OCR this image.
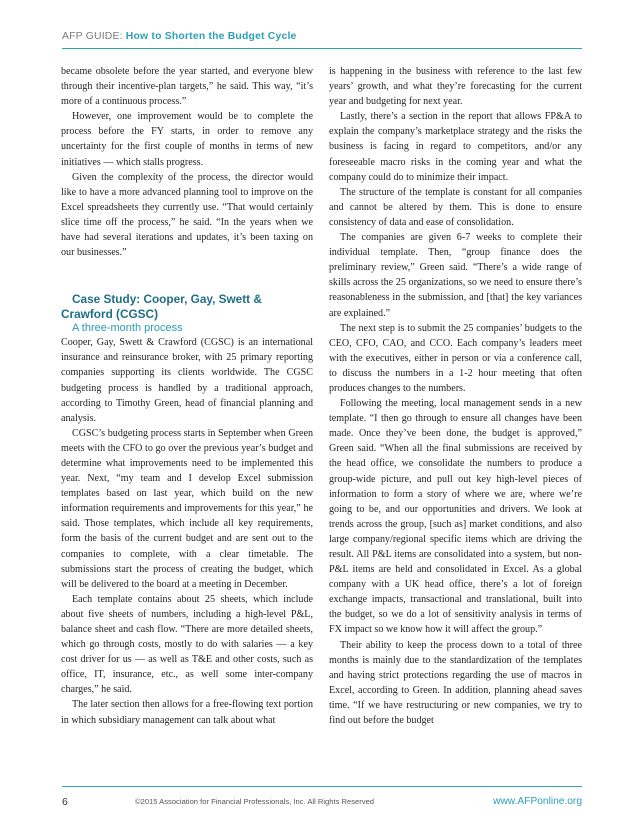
AFP GUIDE: How to Shorten the Budget Cycle

became obsolete before the year started, and everyone blew through their incentive-plan targets,” he said. This way, “it’s more of a continuous process.”

However, one improvement would be to complete the process before the FY starts, in order to remove any uncertainty for the first couple of months in terms of new initiatives — which stalls progress.

Given the complexity of the process, the director would like to have a more advanced planning tool to improve on the Excel spreadsheets they currently use. “That would certainly slice time off the process,” he said. “In the years when we have had several iterations and updates, it’s been taxing on our businesses.”

Case Study: Cooper, Gay, Swett & Crawford (CGSC)

A three-month process

Cooper, Gay, Swett & Crawford (CGSC) is an international insurance and reinsurance broker, with 25 primary reporting companies supporting its clients worldwide. The CGSC budgeting process is handled by a traditional approach, according to Timothy Green, head of financial planning and analysis.

CGSC’s budgeting process starts in September when Green meets with the CFO to go over the previous year’s budget and determine what improvements need to be implemented this year. Next, “my team and I develop Excel submission templates based on last year, which build on the new information requirements and improvements for this year,” he said. Those templates, which include all key requirements, form the basis of the current budget and are sent out to the companies to complete, with a clear timetable. The submissions start the process of creating the budget, which will be delivered to the board at a meeting in December.

Each template contains about 25 sheets, which include about five sheets of numbers, including a high-level P&L, balance sheet and cash flow. “There are more detailed sheets, which go through costs, mostly to do with salaries — a key cost driver for us — as well as T&E and other costs, such as office, IT, insurance, etc., as well some inter-company charges,” he said.

The later section then allows for a free-flowing text portion in which subsidiary management can talk about what

is happening in the business with reference to the last few years’ growth, and what they’re forecasting for the current year and budgeting for next year.

Lastly, there’s a section in the report that allows FP&A to explain the company’s marketplace strategy and the risks the business is facing in regard to competitors, and/or any foreseeable macro risks in the coming year and what the company could do to minimize their impact.

The structure of the template is constant for all companies and cannot be altered by them. This is done to ensure consistency of data and ease of consolidation.

The companies are given 6-7 weeks to complete their individual template. Then, “group finance does the preliminary review,” Green said. “There’s a wide range of skills across the 25 organizations, so we need to ensure there’s reasonableness in the submission, and [that] the key variances are explained.”

The next step is to submit the 25 companies’ budgets to the CEO, CFO, CAO, and CCO. Each company’s leaders meet with the executives, either in person or via a conference call, to discuss the numbers in a 1-2 hour meeting that often produces changes to the numbers.

Following the meeting, local management sends in a new template. “I then go through to ensure all changes have been made. Once they’ve been done, the budget is approved,” Green said. “When all the final submissions are received by the head office, we consolidate the numbers to produce a group-wide picture, and pull out key high-level pieces of information to form a story of where we are, where we’re going to be, and our opportunities and drivers. We look at trends across the group, [such as] market conditions, and also large company/regional specific items which are driving the result. All P&L items are consolidated into a system, but non-P&L items are held and consolidated in Excel. As a global company with a UK head office, there’s a lot of foreign exchange impacts, transactional and translational, built into the budget, so we do a lot of sensitivity analysis in terms of FX impact so we know how it will affect the group.”

Their ability to keep the process down to a total of three months is mainly due to the standardization of the templates and having strict protections regarding the use of macros in Excel, according to Green. In addition, planning ahead saves time. “If we have restructuring or new companies, we try to find out before the budget

6	©2015 Association for Financial Professionals, Inc. All Rights Reserved	www.AFPonline.org
